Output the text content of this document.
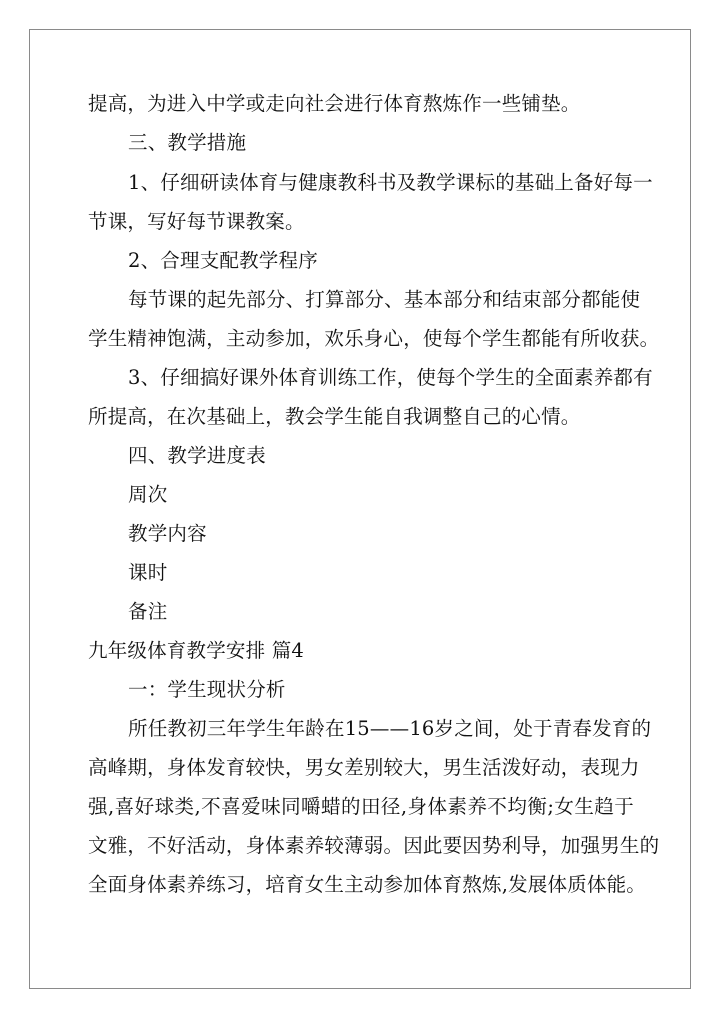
提高，为进入中学或走向社会进行体育熬炼作一些铺垫。
三、教学措施
1、仔细研读体育与健康教科书及教学课标的基础上备好每一
节课，写好每节课教案。
2、合理支配教学程序
每节课的起先部分、打算部分、基本部分和结束部分都能使
学生精神饱满，主动参加，欢乐身心，使每个学生都能有所收获。
3、仔细搞好课外体育训练工作，使每个学生的全面素养都有
所提高，在次基础上，教会学生能自我调整自己的心情。
四、教学进度表
周次
教学内容
课时
备注
九年级体育教学安排 篇4
一：学生现状分析
所任教初三年学生年龄在15——16岁之间，处于青春发育的
高峰期，身体发育较快，男女差别较大，男生活泼好动，表现力
强,喜好球类,不喜爱味同嚼蜡的田径,身体素养不均衡;女生趋于
文雅，不好活动，身体素养较薄弱。因此要因势利导，加强男生的
全面身体素养练习，培育女生主动参加体育熬炼,发展体质体能。
